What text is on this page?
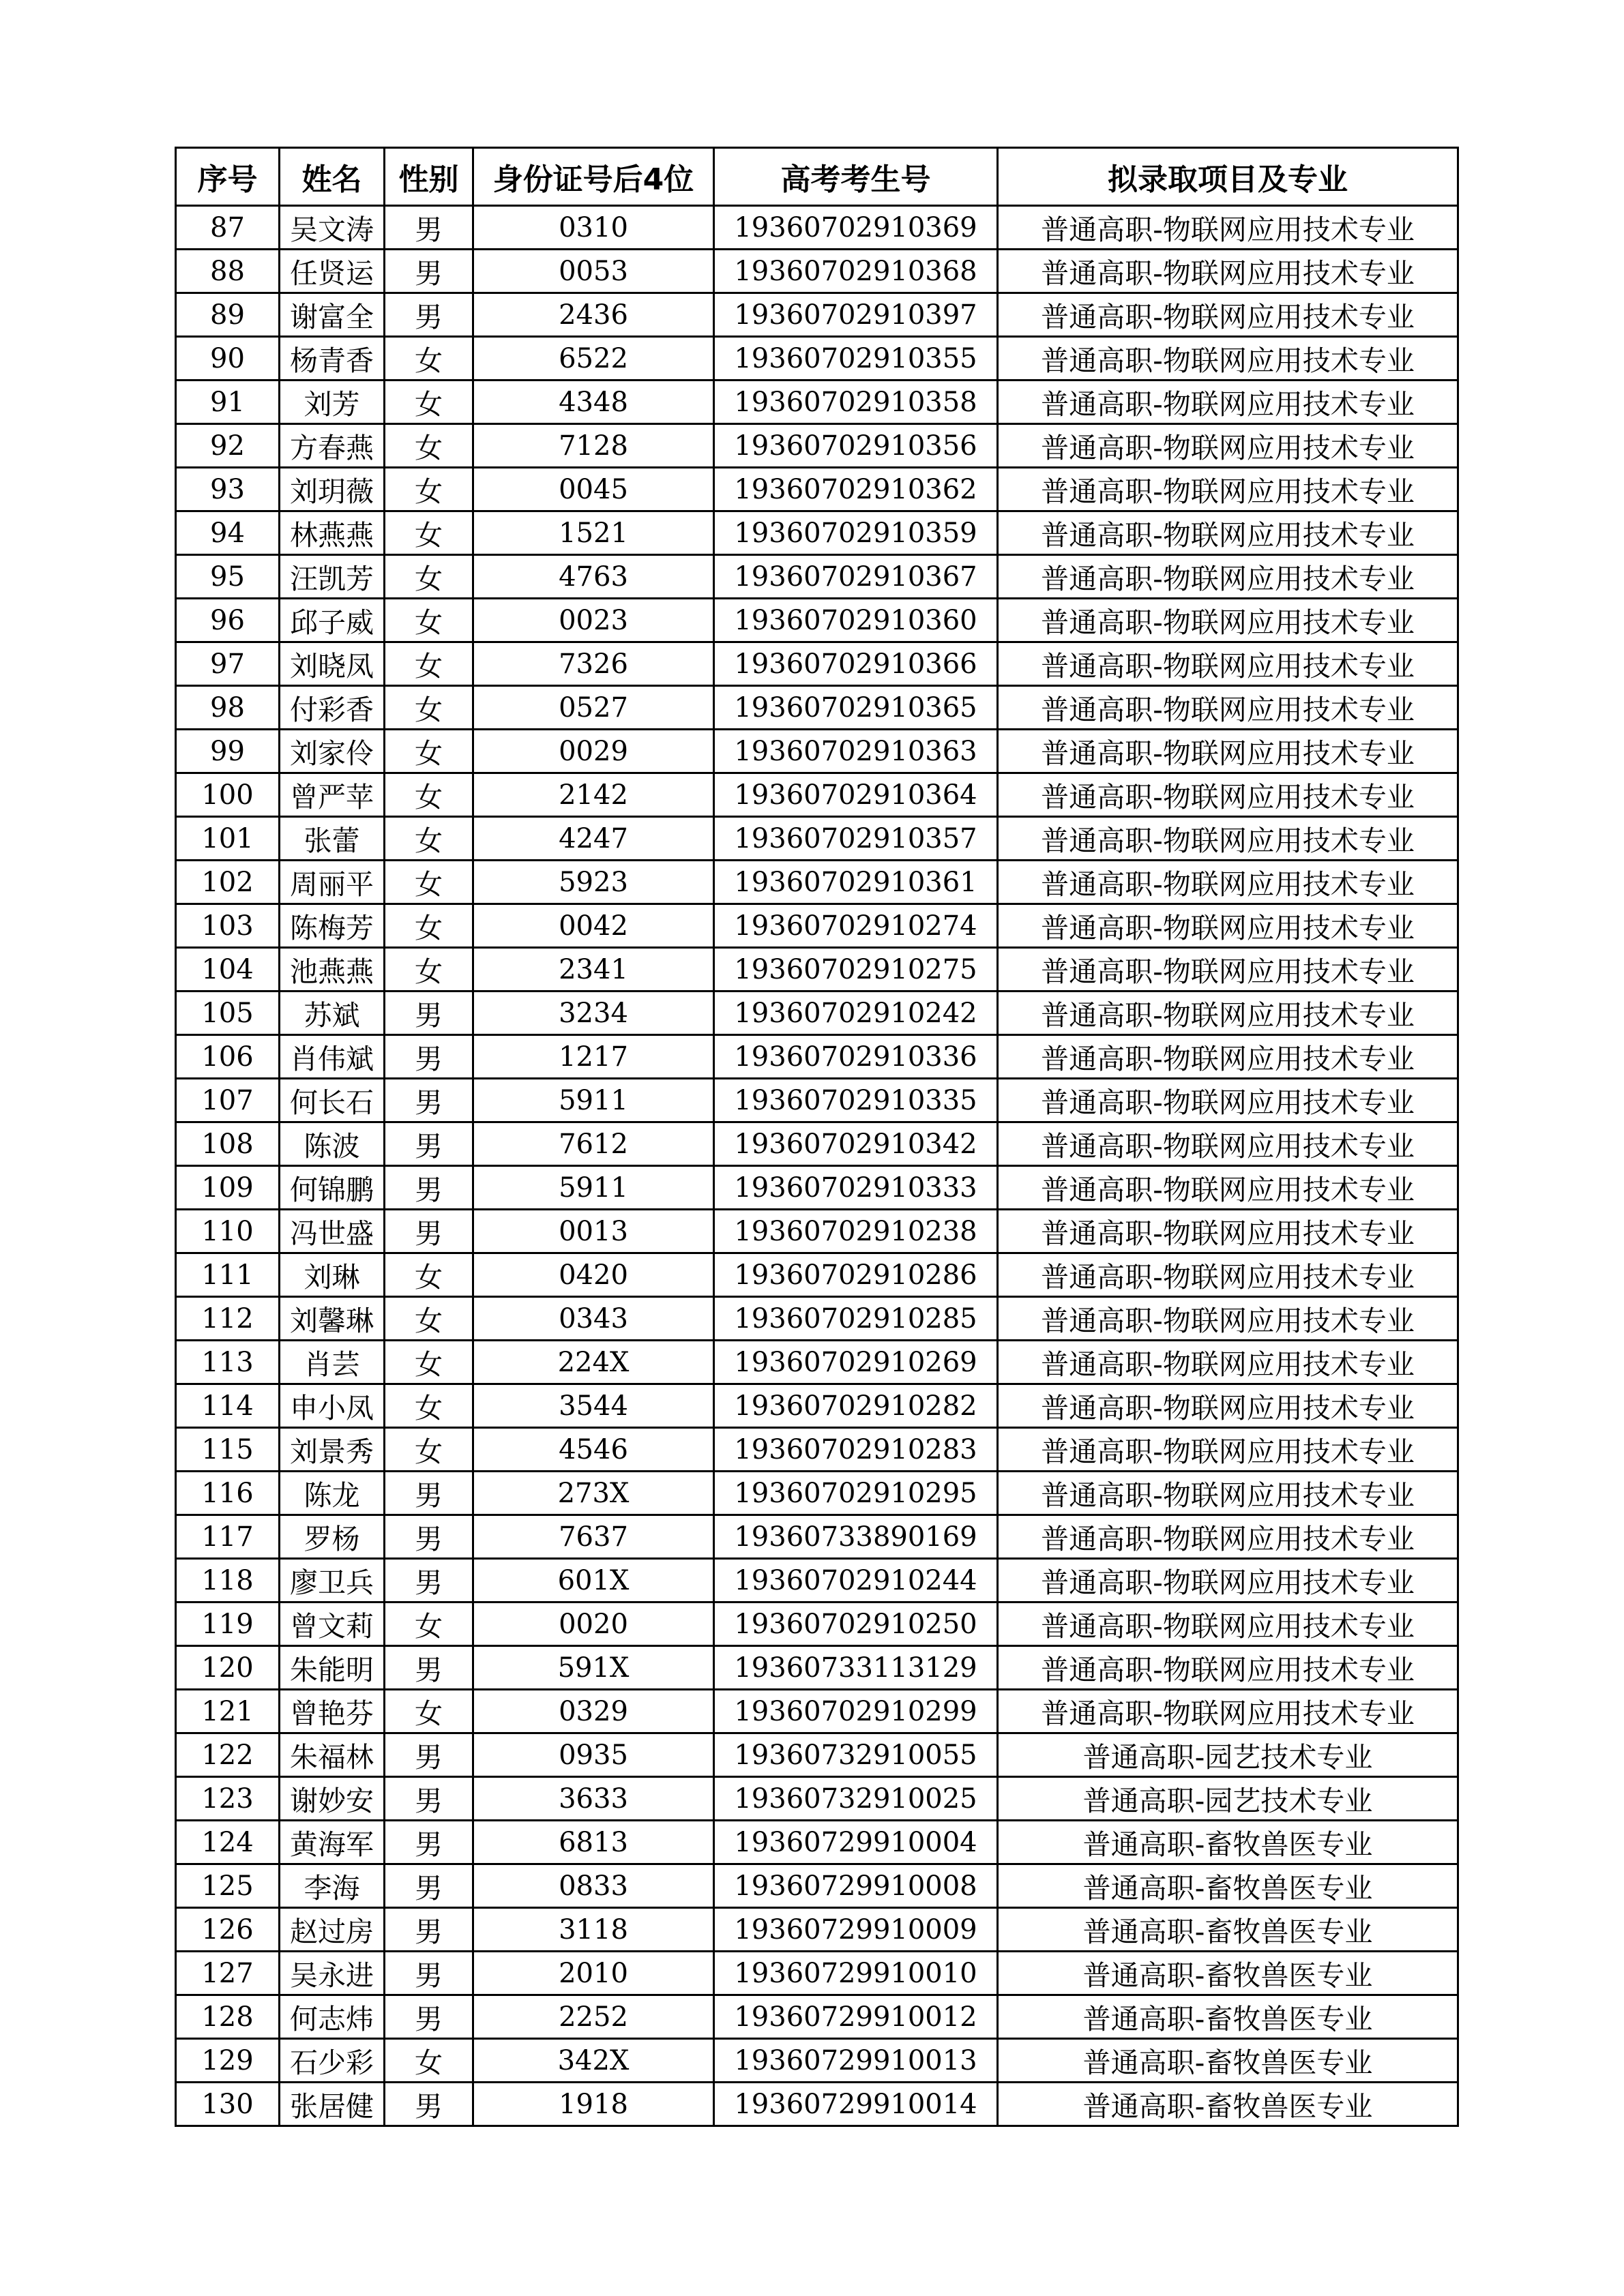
序号	姓名	性别	身份证号后4位	高考考生号	拟录取项目及专业
87	吴文涛	男	0310	19360702910369	普通高职-物联网应用技术专业
88	任贤运	男	0053	19360702910368	普通高职-物联网应用技术专业
89	谢富全	男	2436	19360702910397	普通高职-物联网应用技术专业
90	杨青香	女	6522	19360702910355	普通高职-物联网应用技术专业
91	刘芳	女	4348	19360702910358	普通高职-物联网应用技术专业
92	方春燕	女	7128	19360702910356	普通高职-物联网应用技术专业
93	刘玥薇	女	0045	19360702910362	普通高职-物联网应用技术专业
94	林燕燕	女	1521	19360702910359	普通高职-物联网应用技术专业
95	汪凯芳	女	4763	19360702910367	普通高职-物联网应用技术专业
96	邱子威	女	0023	19360702910360	普通高职-物联网应用技术专业
97	刘晓凤	女	7326	19360702910366	普通高职-物联网应用技术专业
98	付彩香	女	0527	19360702910365	普通高职-物联网应用技术专业
99	刘家伶	女	0029	19360702910363	普通高职-物联网应用技术专业
100	曾严苹	女	2142	19360702910364	普通高职-物联网应用技术专业
101	张蕾	女	4247	19360702910357	普通高职-物联网应用技术专业
102	周丽平	女	5923	19360702910361	普通高职-物联网应用技术专业
103	陈梅芳	女	0042	19360702910274	普通高职-物联网应用技术专业
104	池燕燕	女	2341	19360702910275	普通高职-物联网应用技术专业
105	苏斌	男	3234	19360702910242	普通高职-物联网应用技术专业
106	肖伟斌	男	1217	19360702910336	普通高职-物联网应用技术专业
107	何长石	男	5911	19360702910335	普通高职-物联网应用技术专业
108	陈波	男	7612	19360702910342	普通高职-物联网应用技术专业
109	何锦鹏	男	5911	19360702910333	普通高职-物联网应用技术专业
110	冯世盛	男	0013	19360702910238	普通高职-物联网应用技术专业
111	刘琳	女	0420	19360702910286	普通高职-物联网应用技术专业
112	刘馨琳	女	0343	19360702910285	普通高职-物联网应用技术专业
113	肖芸	女	224X	19360702910269	普通高职-物联网应用技术专业
114	申小凤	女	3544	19360702910282	普通高职-物联网应用技术专业
115	刘景秀	女	4546	19360702910283	普通高职-物联网应用技术专业
116	陈龙	男	273X	19360702910295	普通高职-物联网应用技术专业
117	罗杨	男	7637	19360733890169	普通高职-物联网应用技术专业
118	廖卫兵	男	601X	19360702910244	普通高职-物联网应用技术专业
119	曾文莉	女	0020	19360702910250	普通高职-物联网应用技术专业
120	朱能明	男	591X	19360733113129	普通高职-物联网应用技术专业
121	曾艳芬	女	0329	19360702910299	普通高职-物联网应用技术专业
122	朱福林	男	0935	19360732910055	普通高职-园艺技术专业
123	谢妙安	男	3633	19360732910025	普通高职-园艺技术专业
124	黄海军	男	6813	19360729910004	普通高职-畜牧兽医专业
125	李海	男	0833	19360729910008	普通高职-畜牧兽医专业
126	赵过房	男	3118	19360729910009	普通高职-畜牧兽医专业
127	吴永进	男	2010	19360729910010	普通高职-畜牧兽医专业
128	何志炜	男	2252	19360729910012	普通高职-畜牧兽医专业
129	石少彩	女	342X	19360729910013	普通高职-畜牧兽医专业
130	张居健	男	1918	19360729910014	普通高职-畜牧兽医专业
